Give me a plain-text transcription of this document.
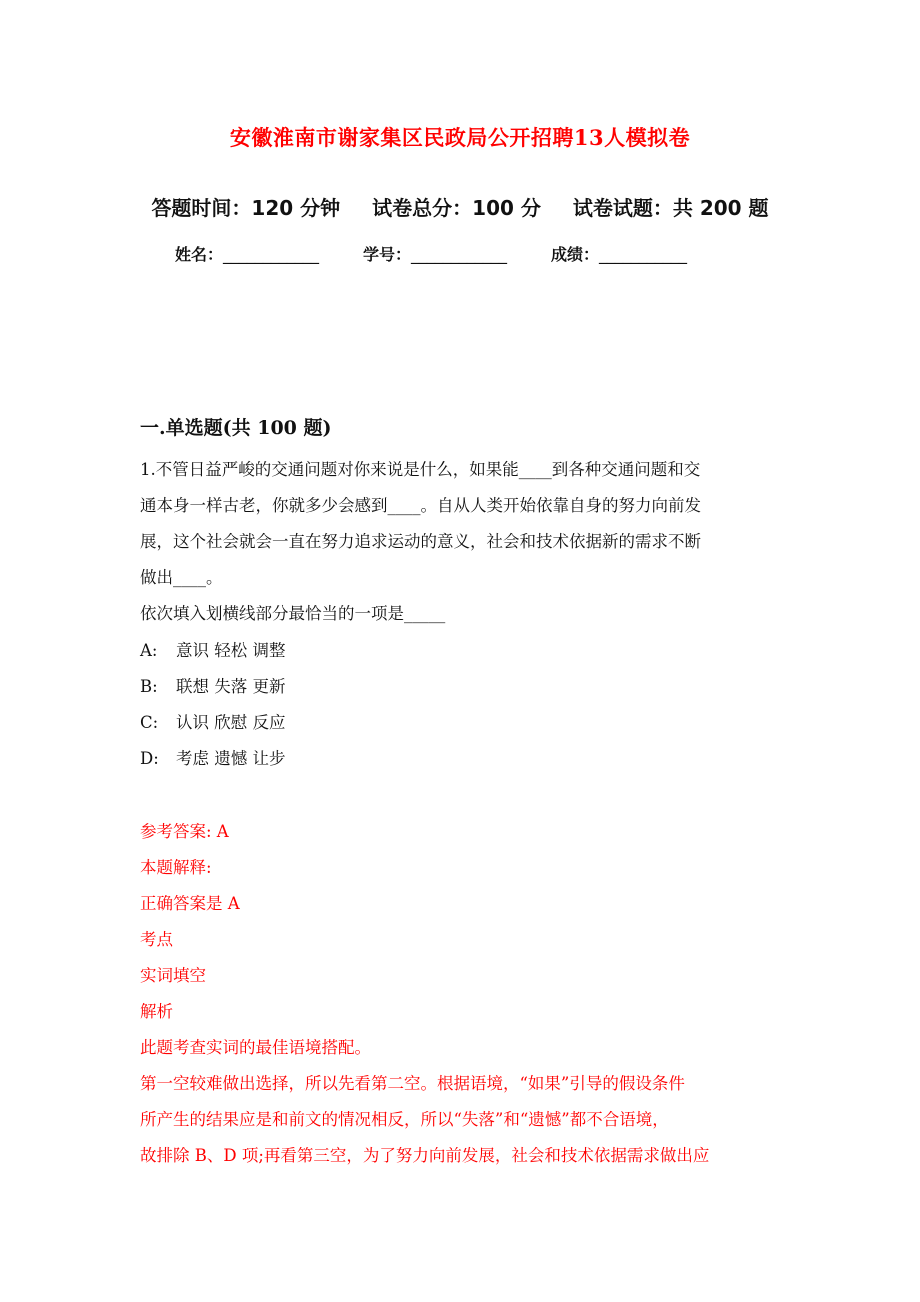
安徽淮南市谢家集区民政局公开招聘13人模拟卷
答题时间：120 分钟 试卷总分：100 分 试卷试题：共 200 题
姓名：____________	学号：____________	成绩：___________
一.单选题(共 100 题)
1.不管日益严峻的交通问题对你来说是什么，如果能____到各种交通问题和交
通本身一样古老，你就多少会感到____。自从人类开始依靠自身的努力向前发
展，这个社会就会一直在努力追求运动的意义，社会和技术依据新的需求不断
做出____。
依次填入划横线部分最恰当的一项是_____
A: 意识 轻松 调整
B: 联想 失落 更新
C: 认识 欣慰 反应
D: 考虑 遗憾 让步
参考答案: A
本题解释:
正确答案是 A
考点
实词填空
解析
此题考查实词的最佳语境搭配。
第一空较难做出选择，所以先看第二空。根据语境，“如果”引导的假设条件
所产生的结果应是和前文的情况相反，所以“失落”和“遗憾”都不合语境，
故排除 B、D 项;再看第三空，为了努力向前发展，社会和技术依据需求做出应
